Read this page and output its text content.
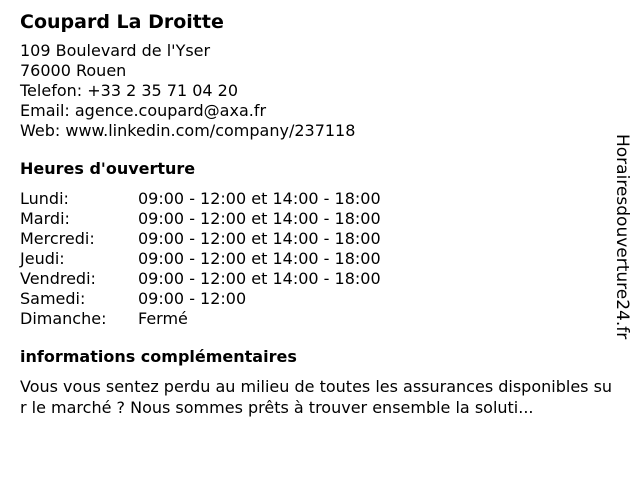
Coupard La Droitte
109 Boulevard de l'Yser
76000 Rouen
Telefon: +33 2 35 71 04 20
Email: agence.coupard@axa.fr
Web: www.linkedin.com/company/237118
Heures d'ouverture
Lundi:	09:00 - 12:00 et 14:00 - 18:00
Mardi:	09:00 - 12:00 et 14:00 - 18:00
Mercredi:	09:00 - 12:00 et 14:00 - 18:00
Jeudi:	09:00 - 12:00 et 14:00 - 18:00
Vendredi:	09:00 - 12:00 et 14:00 - 18:00
Samedi:	09:00 - 12:00
Dimanche:	Fermé
informations complémentaires
Vous vous sentez perdu au milieu de toutes les assurances disponibles sur le marché ? Nous sommes prêts à trouver ensemble la soluti...
Horairesdouverture24.fr
